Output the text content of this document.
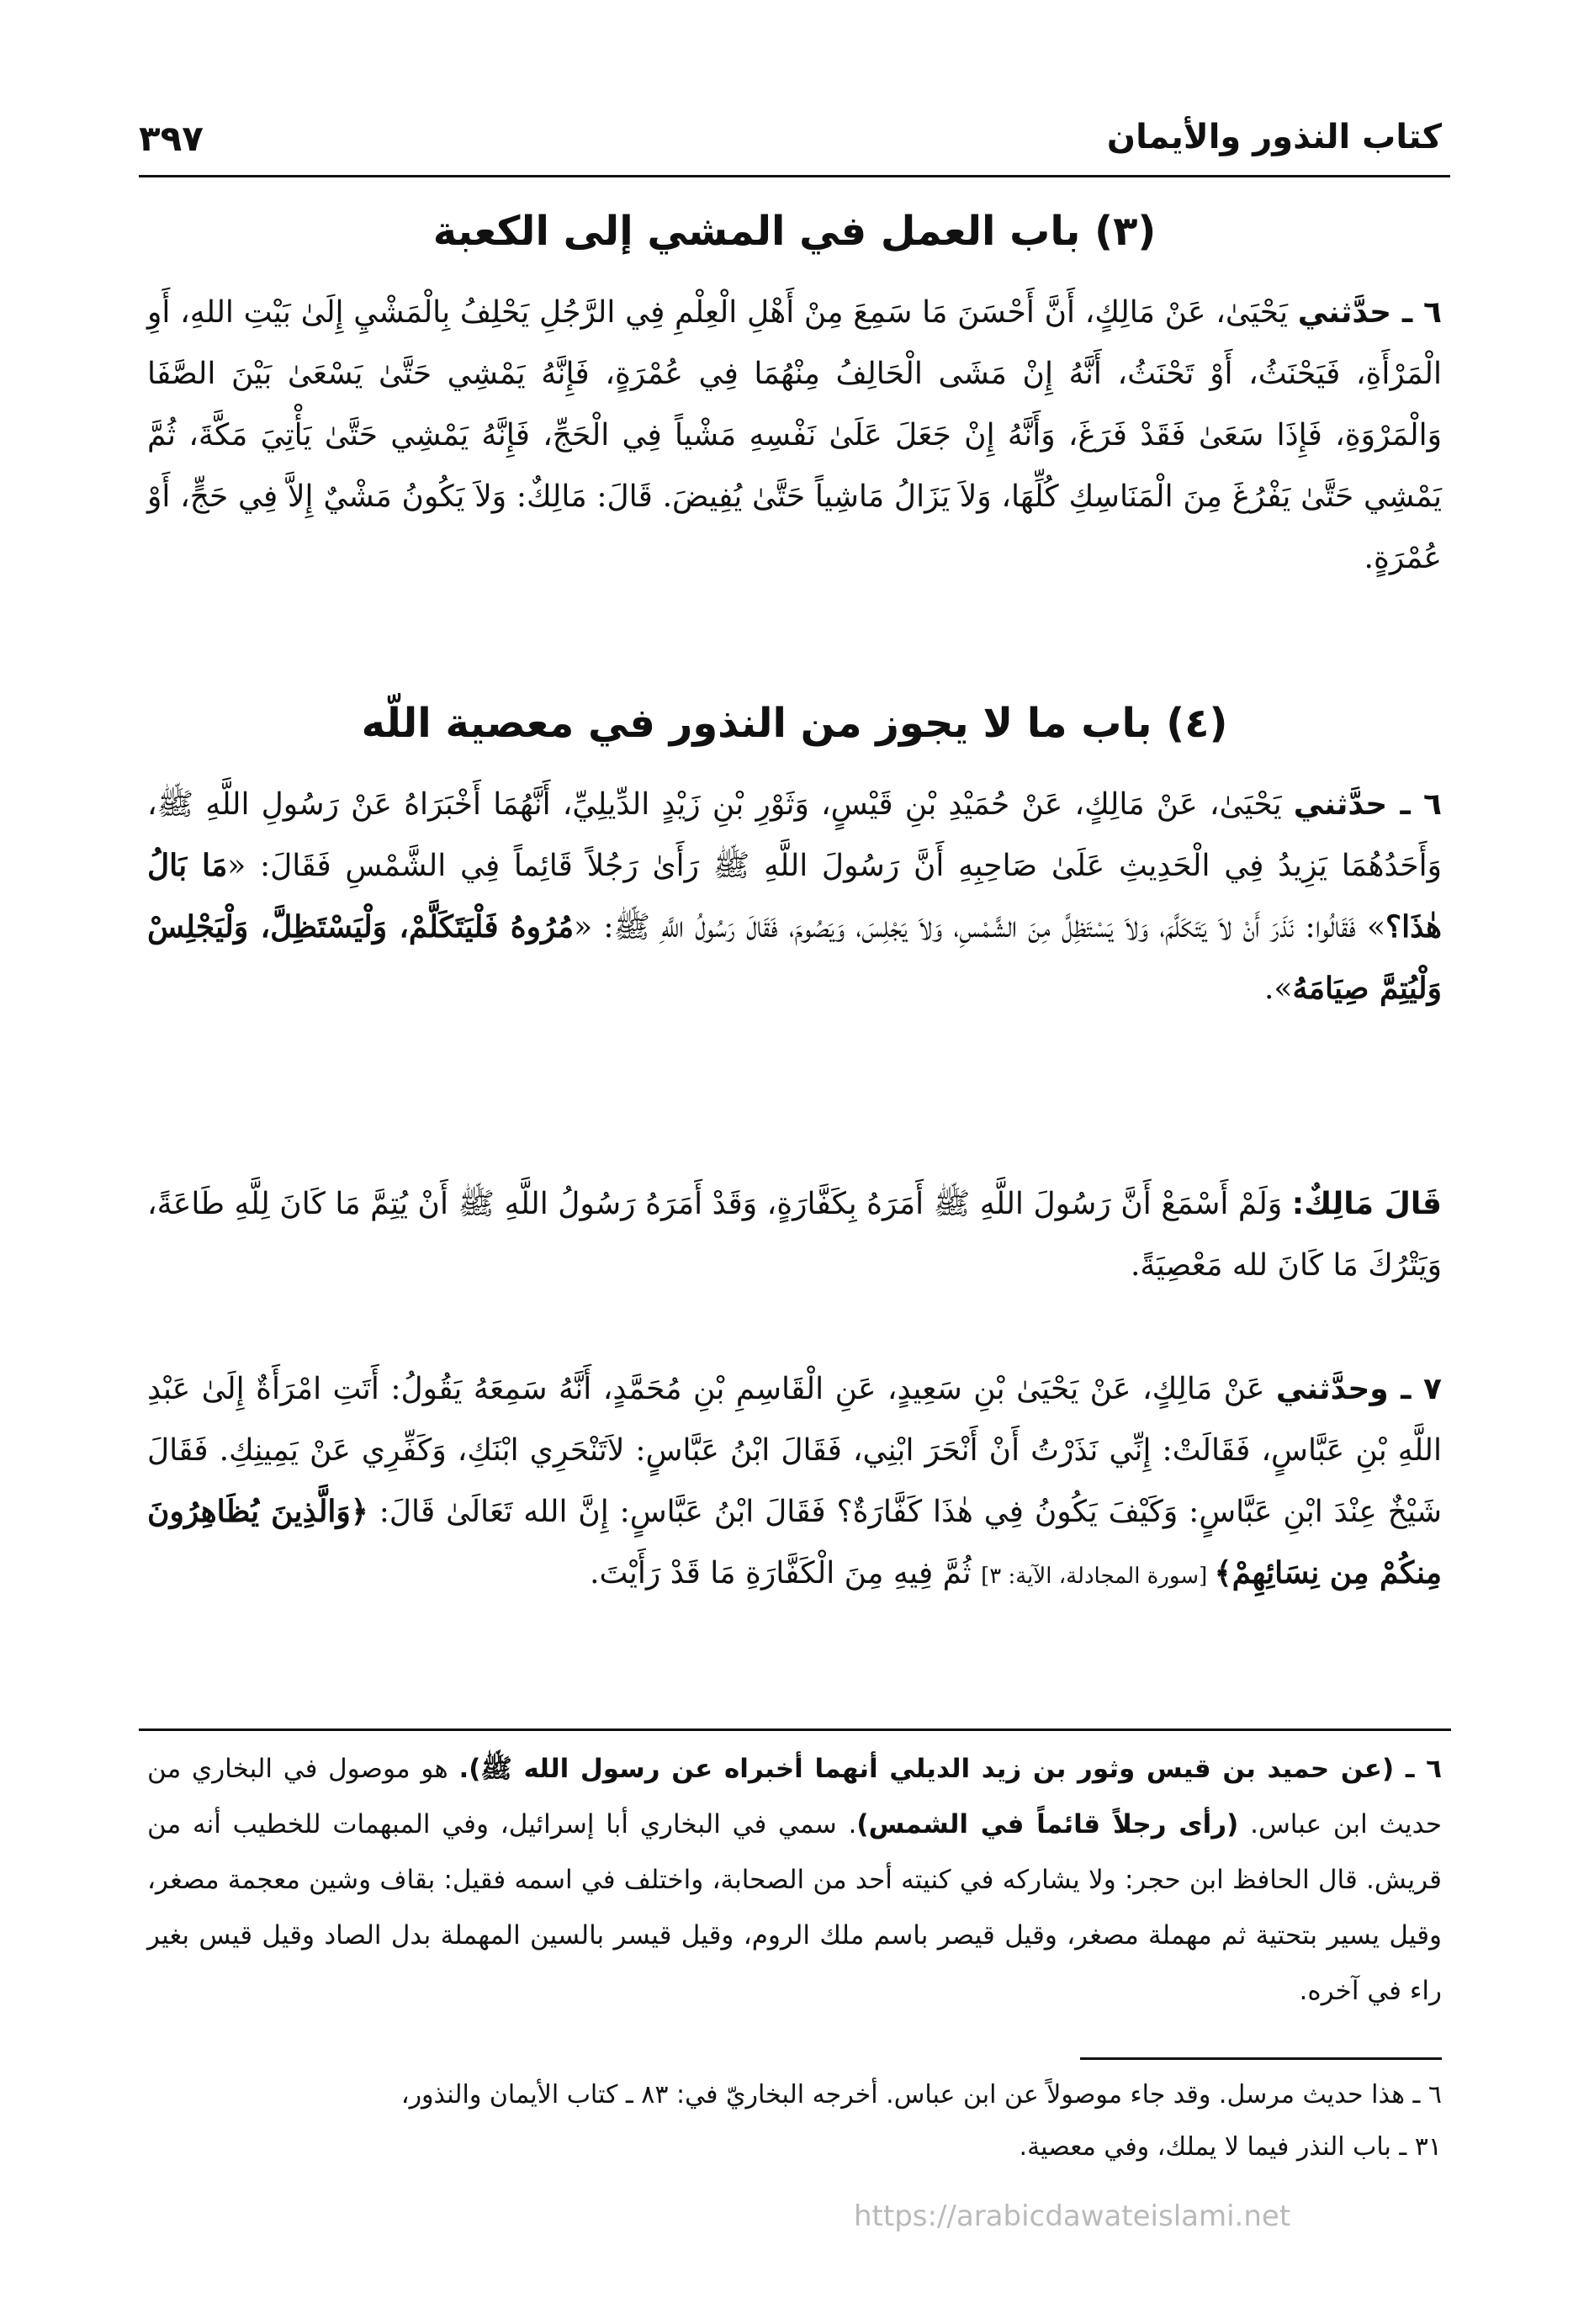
كتاب النذور والأيمان
٣٩٧
(٣) باب العمل في المشي إلى الكعبة
٦ ـ حدَّثني يَحْيَىٰ، عَنْ مَالِكٍ، أَنَّ أَحْسَنَ مَا سَمِعَ مِنْ أَهْلِ الْعِلْمِ فِي الرَّجُلِ يَحْلِفُ بِالْمَشْيِ إِلَىٰ بَيْتِ اللهِ، أَوِ الْمَرْأَةِ، فَيَحْنَثُ، أَوْ تَحْنَثُ، أَنَّهُ إِنْ مَشَى الْحَالِفُ مِنْهُمَا فِي عُمْرَةٍ، فَإِنَّهُ يَمْشِي حَتَّىٰ يَسْعَىٰ بَيْنَ الصَّفَا وَالْمَرْوَةِ، فَإِذَا سَعَىٰ فَقَدْ فَرَغَ، وَأَنَّهُ إِنْ جَعَلَ عَلَىٰ نَفْسِهِ مَشْياً فِي الْحَجِّ، فَإِنَّهُ يَمْشِي حَتَّىٰ يَأْتِيَ مَكَّةَ، ثُمَّ يَمْشِي حَتَّىٰ يَفْرُغَ مِنَ الْمَنَاسِكِ كُلِّهَا، وَلاَ يَزَالُ مَاشِياً حَتَّىٰ يُفِيضَ. قَالَ: مَالِكٌ: وَلاَ يَكُونُ مَشْيٌ إِلاَّ فِي حَجٍّ، أَوْ عُمْرَةٍ.
(٤) باب ما لا يجوز من النذور في معصية اللّه
٦ ـ حدَّثني يَحْيَىٰ، عَنْ مَالِكٍ، عَنْ حُمَيْدِ بْنِ قَيْسٍ، وَثَوْرِ بْنِ زَيْدٍ الدِّيلِيِّ، أَنَّهُمَا أَخْبَرَاهُ عَنْ رَسُولِ اللَّهِ ﷺ، وَأَحَدُهُمَا يَزِيدُ فِي الْحَدِيثِ عَلَىٰ صَاحِبِهِ أَنَّ رَسُولَ اللَّهِ ﷺ رَأَىٰ رَجُلاً قَائِماً فِي الشَّمْسِ فَقَالَ: «مَا بَالُ هٰذَا؟» فَقَالُوا: نَذَرَ أَنْ لاَ يَتَكَلَّمَ، وَلاَ يَسْتَظِلَّ مِنَ الشَّمْسِ، وَلاَ يَجْلِسَ، وَيَصُومَ، فَقَالَ رَسُولُ اللَّهِ ﷺ: «مُرُوهُ فَلْيَتَكَلَّمْ، وَلْيَسْتَظِلَّ، وَلْيَجْلِسْ وَلْيُتِمَّ صِيَامَهُ».
قَالَ مَالِكٌ: وَلَمْ أَسْمَعْ أَنَّ رَسُولَ اللَّهِ ﷺ أَمَرَهُ بِكَفَّارَةٍ، وَقَدْ أَمَرَهُ رَسُولُ اللَّهِ ﷺ أَنْ يُتِمَّ مَا كَانَ لِلَّهِ طَاعَةً، وَيَتْرُكَ مَا كَانَ لله مَعْصِيَةً.
٧ ـ وحدَّثني عَنْ مَالِكٍ، عَنْ يَحْيَىٰ بْنِ سَعِيدٍ، عَنِ الْقَاسِمِ بْنِ مُحَمَّدٍ، أَنَّهُ سَمِعَهُ يَقُولُ: أَتَتِ امْرَأَةٌ إِلَىٰ عَبْدِ اللَّهِ بْنِ عَبَّاسٍ، فَقَالَتْ: إِنِّي نَذَرْتُ أَنْ أَنْحَرَ ابْنِي، فَقَالَ ابْنُ عَبَّاسٍ: لاَتَنْحَرِي ابْنَكِ، وَكَفِّرِي عَنْ يَمِينِكِ. فَقَالَ شَيْخٌ عِنْدَ ابْنِ عَبَّاسٍ: وَكَيْفَ يَكُونُ فِي هٰذَا كَفَّارَةٌ؟ فَقَالَ ابْنُ عَبَّاسٍ: إِنَّ الله تَعَالَىٰ قَالَ: ﴿وَالَّذِينَ يُظَاهِرُونَ مِنكُمْ مِن نِسَائِهِمْ﴾ [سورة المجادلة، الآية: ٣] ثُمَّ فِيهِ مِنَ الْكَفَّارَةِ مَا قَدْ رَأَيْتَ.
٦ ـ (عن حميد بن قيس وثور بن زيد الديلي أنهما أخبراه عن رسول الله ﷺ). هو موصول في البخاري من حديث ابن عباس. (رأى رجلاً قائماً في الشمس). سمي في البخاري أبا إسرائيل، وفي المبهمات للخطيب أنه من قريش. قال الحافظ ابن حجر: ولا يشاركه في كنيته أحد من الصحابة، واختلف في اسمه فقيل: بقاف وشين معجمة مصغر، وقيل يسير بتحتية ثم مهملة مصغر، وقيل قيصر باسم ملك الروم، وقيل قيسر بالسين المهملة بدل الصاد وقيل قيس بغير راء في آخره.
٦ ـ هذا حديث مرسل. وقد جاء موصولاً عن ابن عباس. أخرجه البخاريّ في: ٨٣ ـ كتاب الأيمان والنذور،
٣١ ـ باب النذر فيما لا يملك، وفي معصية.
https://arabicdawateislami.net
